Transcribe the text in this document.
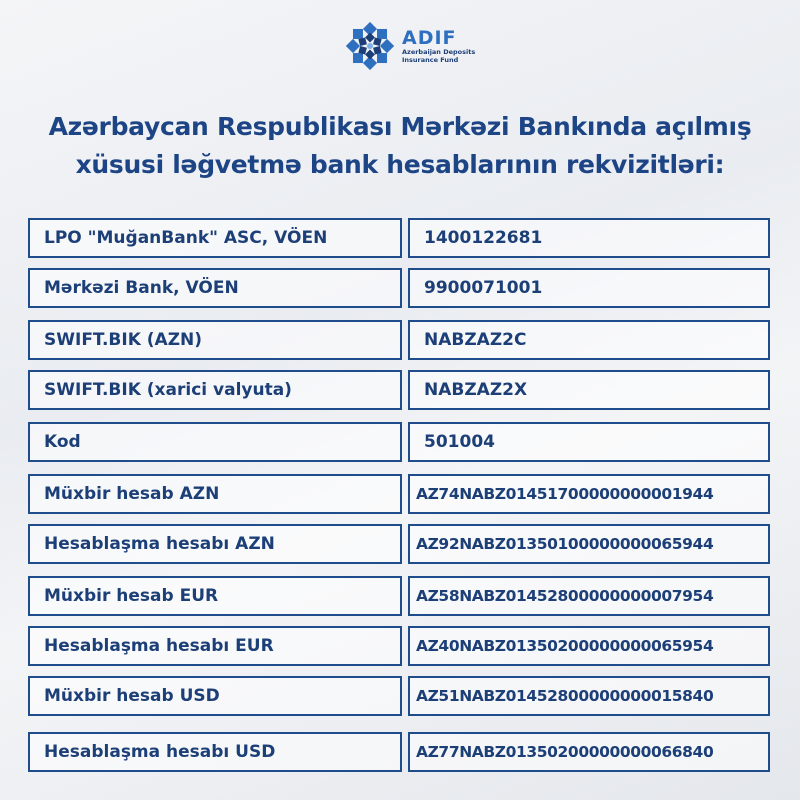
ADIF
Azerbaijan Deposits
Insurance Fund
Azərbaycan Respublikası Mərkəzi Bankında açılmış
xüsusi ləğvetmə bank hesablarının rekvizitləri:
LPO "MuğanBank" ASC, VÖEN	1400122681
Mərkəzi Bank, VÖEN	9900071001
SWIFT.BIK (AZN)	NABZAZ2C
SWIFT.BIK (xarici valyuta)	NABZAZ2X
Kod	501004
Müxbir hesab AZN	AZ74NABZ01451700000000001944
Hesablaşma hesabı AZN	AZ92NABZ01350100000000065944
Müxbir hesab EUR	AZ58NABZ01452800000000007954
Hesablaşma hesabı EUR	AZ40NABZ01350200000000065954
Müxbir hesab USD	AZ51NABZ01452800000000015840
Hesablaşma hesabı USD	AZ77NABZ01350200000000066840
